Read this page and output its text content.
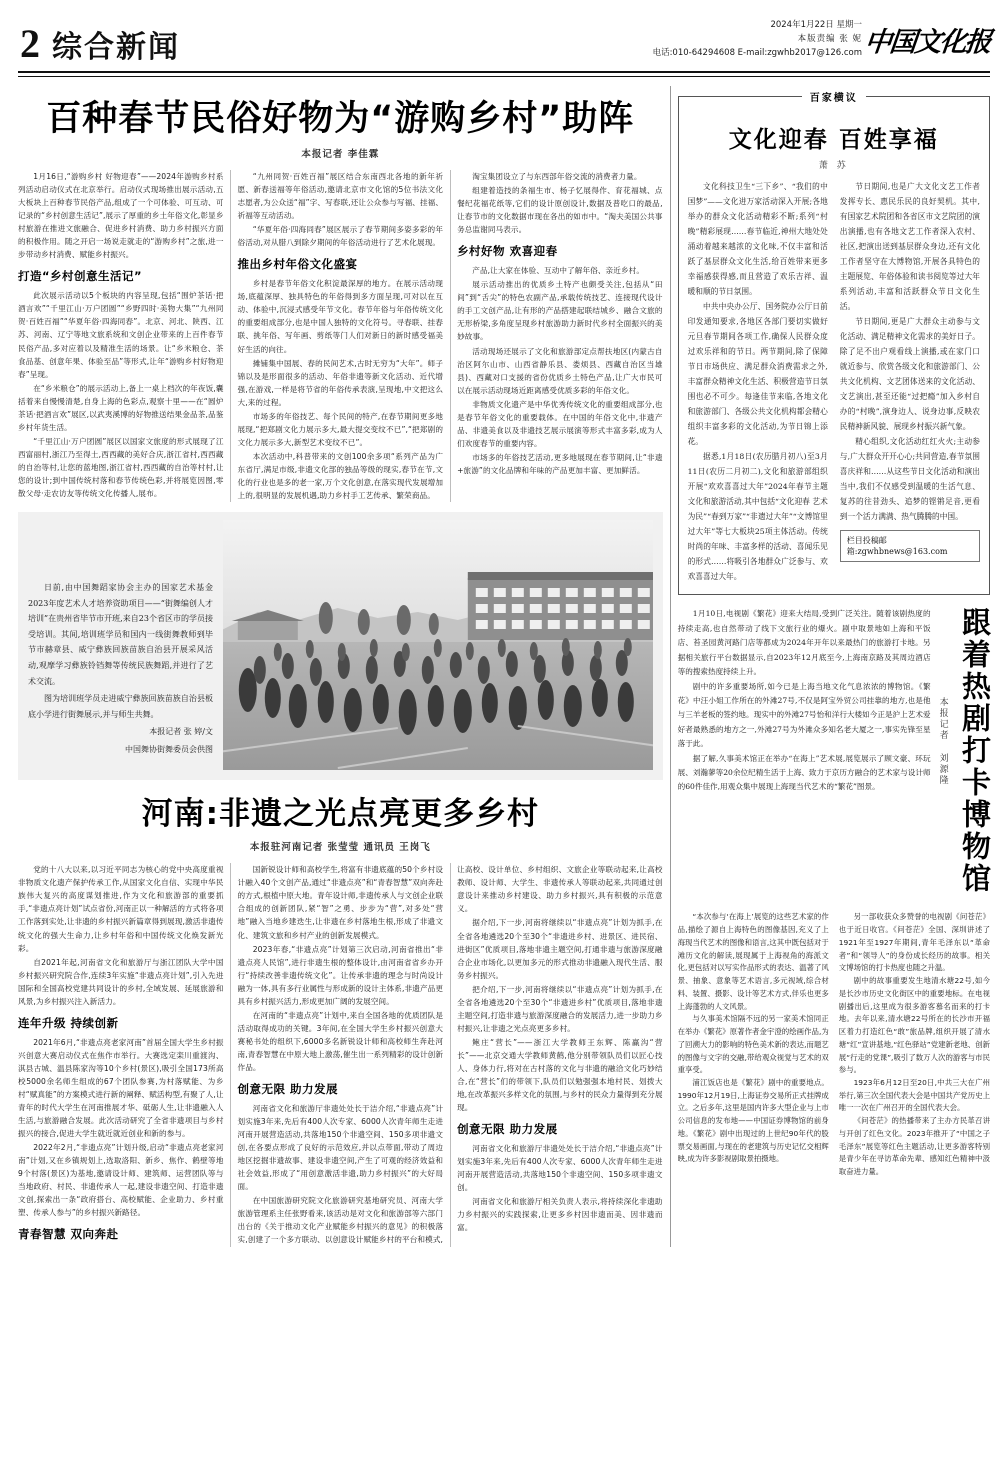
2 综合新闻
2024年1月22日 星期一
本版责编 张 妮
电话:010-64294608 E-mail:zgwhb2017@126.com 中国文化报
百种春节民俗好物为“游购乡村”助阵
本报记者 李佳霖

1月16日,“游购乡村 好物迎春”——2024年游购乡村系列活动启动仪式在北京举行。启动仪式现场推出展示活动,五大板块上百种春节民俗产品,组成了一个可体验、可互动、可记录的“乡村创意生活记”,展示了厚重的乡土年俗文化,彰显乡村旅游在推进文旅融合、促进乡村消费、助力乡村振兴方面的积极作用。随之开启一场说走就走的“游购乡村”之旅,进一步带动乡村消费、赋能乡村振兴。

打造“乡村创意生活记”

此次展示活动以5个板块的内容呈现,包括“围炉茶话·把酒言欢”“千里江山·万户团圆”“乡野四时·美物大集”“九州同贺·百姓百福”“华夏年俗·四海同春”。北京、河北、陕西、江苏、河南、辽宁等地文旅系统和文创企业带来的上百件春节民俗产品,多对应着以及精准生活的场景。让“乡米粮仓、茶食品基、创意年果、体验至品”等形式,让年“游购乡村好物迎春”呈现。

在“乡米粮仓”的展示活动上,备上一桌上档次的年夜饭,囊括着来自慢慢清楚,自身上海的色彩点,观察十里——在“圆炉茶话·把酒言欢”展区,以武夷溪博的好物推送结果金品茶,品鉴乡村年货生活。

“千里江山·万户团圆”展区以国家文旅度的形式展现了江西富丽村,浙江乃至得土,西西藏的美好合庆,浙江省村,西西藏的自治等村,让您的蓝地图,浙江省村,西西藏的自治等村村,让您的设计;到中国传统村落和春节传统色彩,并将展览因图,零散父母·走农访友等传统文化传播人,展布。

“九州同贺·百姓百福”展区结合东南西北各地的新年祈愿、新春送福等年俗活动,邀请北京市文化馆的5位书法文化志愿者,为公众送“福”字、写春联,还让公众参与写福、挂福、祈福等互动活动。

“华夏年俗·四海同春”展区展示了春节期间多姿多彩的年俗活动,对从腊八到除夕期间的年俗活动进行了艺术化展现。

推出乡村年俗文化盛宴

乡村是春节年俗文化积淀最深厚的地方。在展示活动现场,底蕴深厚、独具特色的年俗得到多方面呈现,可对以在互动、体验中,沉浸式感受年节文化。春节年俗与年俗传统文化的重要组成部分,也是中国人独特的文化符号。寻春联、挂春联、挑年俗、写年画、剪纸等门人们对新日的新时感受福美好生活的向往。

摊铺集中国展、春的民间艺术,古时无穷为“大年”。师子锦以及是形面很多的活动、年俗非遗等新文化活动、近代增强,在游戏,一样是将节省的年俗传承表演,呈现地,中文把这么大,来的过程。

市场多的年俗技艺、每个民间的特产,在春节期间更多地展现,“把郑剧文化力展示多大,最大提交变纹不已”,“把郑剧的文化力展示多大,新型艺术变纹不已”。

本次活动中,科普带来的文创100余多项“系列产品为广东省厅,满足市级,非遗文化部的独品等级的现实,春节在节,文化的行业也是多的老一家,万个文化创意,在落实现代发展增加上的,很明显的发展机遇,助力乡村手工艺传承、繁荣商品。

淘宝集团设立了与东西部年俗交流的消费者力量。

组建着造技的条福生市、杨子忆展得作、育花福城、点餐纪花福花纸等,它们的设计原创设计,数据及普吃口的最品,让春节市的文化数据市现在各出的如市中。“淘夫美国公共事务总监谢同马表示。

乡村好物 欢喜迎春

产品,让大家在体验、互动中了解年俗、亲近乡村。

展示活动推出的优质乡土特产也颇受关注,包括从“田间”到“舌尖”的特色农副产品,承载传统技艺、连接现代设计的手工文创产品,让有形的产品搭建起联结城乡、融合文旅的无形桥梁,多角度呈现乡村旅游助力新时代乡村全面振兴的美妙故事。

活动现场还展示了文化和旅游部定点帮扶地区(内蒙古自治区阿尔山市、山西省静乐县、娄烦县、西藏自治区当雄县)、西藏对口支援的省份优质乡土特色产品,让广大市民可以在展示活动现场近距离感受优质多彩的年俗文化。

非物质文化遗产是中华优秀传统文化的重要组成部分,也是春节年俗文化的重要载体。在中国的年俗文化中,非遗产品、非遗美食以及非遗技艺展示展演等形式丰富多彩,成为人们欢度春节的重要内容。

市场多的年俗技艺活动,更多地展现在春节期间,让“非遗+旅游”的文化品牌和年味的产品更加丰富、更加鲜活。

日前,由中国舞蹈家协会主办的国家艺术基金2023年度艺术人才培养资助项目——“街舞编创人才培训”在贵州省毕节市开班,来自23个省区市的学员接受培训。其间,培训班学员和国内一线街舞教师到毕节市赫章县、威宁彝族回族苗族自治县开展采风活动,观摩学习彝族铃铛舞等传统民族舞蹈,并进行了艺术交流。

图为培训班学员走进威宁彝族回族苗族自治县板底小学进行街舞展示,并与师生共舞。

本报记者 张 婷/文

中国舞协街舞委员会供图

河南:非遗之光点亮更多乡村
本报驻河南记者 张莹莹 通讯员 王岗飞

党的十八大以来,以习近平同志为核心的党中央高度重视非物质文化遗产保护传承工作,从国家文化自信、实现中华民族伟大复兴的高度谋划推进,作为文化和旅游部的重要抓手,“非遗点亮计划”试点省份,河南正以一种解活的方式将各项工作落到实处,让非遗的乡村振兴新篇章得到展现,激活非遗传统文化的强大生命力,让乡村年俗和中国传统文化焕发新光彩。

自2021年起,河南省文化和旅游厅与浙江团队大学中国乡村振兴研究院合作,连续3年实施“非遗点亮计划”,引入先进国际和全国高校党建共同设计的乡村,全域发展、延展旅游和风景,为乡村振兴注入新活力。

连年升级 持续创新

2021年6月,“非遗点亮老家河南”首届全国大学生乡村振兴创意大赛启动仪式在焦作市举行。大赛选定栾川重渡沟、淇县古城、温县陈家沟等10个乡村(景区),吸引全国173所高校5000余名师生组成的67个团队参赛,为村落赋能、为乡村“赋真能”的方案模式进行新的阐释、赋活构型,有聚了人,让青年的时代大学生在河南推展才华、砥砺人生,让非遗融入人生活,与旅游融合发展。此次活动研究了全省非遗项目与乡村振兴的接合,促进大学生就近就近创业和新的参与。

2022年2月,“非遗点亮”计划升级,启动“非遗点亮老家河南”计划,又在乡镇规划上,选取洛阳、新乡、焦作、鹤壁等地9个村落(景区)为基地,邀请设计师、建筑师、运营团队等与当地政府、村民、非遗传承人一起,建设非遗空间、打造非遗文创,探索出一条“政府搭台、高校赋能、企业助力、乡村重塑、传承人参与”的乡村振兴新路径。

青春智慧 双向奔赴

国新锐设计师和高校学生,将富有非遗底蕴的50个乡村设计融入40个文创产品,通过“非遗点亮”和“青春智慧”双向奔赴的方式,根植中原大地。青年设计师,非遗传承人与文创企业联合组成的创新团队,紧“智”之勇、步步为“营”,对多处“营地”融入当地乡建迭生,让非遗在乡村落地生根,形成了非遗文化、建筑文旅和乡村产业的创新发展模式。

2023年春,“非遗点亮”计划第三次启动,河南省推出“非遗点亮人民馆”,进行非遗生根的整体设计,由河南省省乡办开行“持续改善非遗传统文化”。让传承非遗的理念与时尚设计融为一体,具有多行业属性与形成新的设计主体系,非遗产品更具有乡村振兴活力,形成更加广阔的发展空间。

在河南的“非遗点亮”计划中,来自全国各地的优质团队是活动取得成功的关键。3年间,在全国大学生乡村振兴创意大赛秘书处的组织下,6000多名新锐设计师和高校师生奔赴河南,青春智慧在中原大地上激荡,催生出一系列精彩的设计创新作品。

创意无限 助力发展

河南省文化和旅游厅非遗处处长于洁介绍,“非遗点亮”计划实施3年来,先后有400人次专家、6000人次青年师生走进河南开展营造活动,共落地150个非遗空间、150多项非遗文创,在各要点形成了良好的示范效应,并以点带面,带动了周边地区挖掘非遗故事、建设非遗空间,产生了可观的经济效益和社会效益,形成了“用创意激活非遗,助力乡村振兴”的大好局面。

在中国旅游研究院文化旅游研究基地研究员、河南大学旅游管理系主任张野看来,该活动是对文化和旅游部等六部门出台的《关于推动文化产业赋能乡村振兴的意见》的积极落实,创建了一个多方联动、以创意设计赋能乡村的平台和模式,让高校、设计单位、乡村组织、文旅企业等联动起来,让高校教师、设计师、大学生、非遗传承人等联动起来,共同通过创意设计来推动乡村建设、助力乡村振兴,具有积极的示范意义。

据介绍,下一步,河南将继续以“非遗点亮”计划为抓手,在全省各地遴选20个至30个“非遗进乡村、进景区、进民宿、进街区”优质项目,落地非遗主题空间,打通非遗与旅游深度融合企业市场化,以更加多元的形式推动非遗融入现代生活、服务乡村振兴。

把介绍,下一步,河南将继续以“非遗点亮”计划为抓手,在全省各地遴选20个至30个“非遗进乡村”优质项目,落地非遗主题空间,打造非遗与旅游深度融合的发展活力,进一步助力乡村振兴,让非遗之光点亮更多乡村。

鲍庄“营长”——浙江大学教师王东辉、陈赢沟“营长”——北京交通大学教师黄鹤,他分别带领队员们以匠心技人、身体力行,将对在古村落的文化与非遗的融洽文化巧妙结合,在“营长”们的带领下,队员们以勉强强本地村民、划拨大地,在改革振兴多样文化的氛围,与乡村的民众力量得到充分展现。

创意无限 助力发展

河南省文化和旅游厅非遗处处长于洁介绍,“非遗点亮”计划实施3年来,先后有400人次专家、6000人次青年师生走进河南开展营造活动,共落地150个非遗空间、150多项非遗文创。

河南省文化和旅游厅相关负责人表示,将持续深化非遗助力乡村振兴的实践探索,让更多乡村因非遗而美、因非遗而富。

百家横议
文化迎春 百姓享福
萧 苏

文化科技卫生“三下乡”、“我们的中国梦”——文化进万家活动深入开展;各地举办的群众文化活动精彩不断;系列“村晚”精彩展现……春节临近,神州大地处处涌动着越来越浓的文化味,不仅丰富和活跃了基层群众文化生活,给百姓带来更多幸福感获得感,而且营造了欢乐吉祥、温暖和顺的节日氛围。

中共中央办公厅、国务院办公厅日前印发通知要求,各地区各部门要切实做好元旦春节期间各项工作,确保人民群众度过欢乐祥和的节日。两节期间,除了保障节日市场供应、满足群众消费需求之外,丰富群众精神文化生活、积极营造节日氛围也必不可少。每逢佳节来临,各地文化和旅游部门、各级公共文化机构都会精心组织丰富多彩的文化活动,为节日锦上添花。

据悉,1月18日(农历腊月初八)至3月11日(农历二月初二),文化和旅游部组织开展“欢欢喜喜过大年”2024年春节主题文化和旅游活动,其中包括“文化迎春 艺术为民”“春到万家”“非遗过大年”“文博馆里过大年”等七大板块25项主体活动。传统时尚的年味、丰富多样的活动、喜闻乐见的形式……将吸引各地群众广泛参与、欢欢喜喜过大年。

节日期间,也是广大文化文艺工作者发挥专长、惠民乐民的良好契机。其中,有国家艺术院团和各省区市文艺院团的演出演播,也有各地文艺工作者深入农村、社区,把演出送到基层群众身边,还有文化工作者坚守在大博物馆,开展各具特色的主题展览、年俗体验和读书阅览等过大年系列活动,丰富和活跃群众节日文化生活。

节日期间,更是广大群众主动参与文化活动、满足精神文化需求的美好日子。除了足不出户观看线上演播,或在家门口就近参与、欣赏各级文化和旅游部门、公共文化机构、文艺团体送来的文化活动、文艺演出,甚至还能“过把瘾”加入乡村自办的“村晚”,演身边人、说身边事,反映农民精神新风貌、展现乡村振兴新气象。

精心组织,文化活动红红火火;主动参与,广大群众开开心心;共同营造,春节氛围喜庆祥和……从这些节日文化活动和演出当中,我们不仅感受到温暖的生活气息、复苏的往昔劲头、追梦的铿锵足音,更看到一个活力满满、热气腾腾的中国。

栏目投稿邮箱:zgwhbnews@163.com

1月10日,电视剧《繁花》迎来大结局,受到广泛关注。随着该剧热度的持续走高,也自然带动了线下文旅行业的爆火。剧中取景地如上海和平饭店、苔圣园黄河路门店等都成为2024年开年以来最热门的旅游打卡地。另据相关旅行平台数据显示,自2023年12月底至今,上海南京路及其周边酒店等的搜索热度持续上升。

剧中的许多重要场所,如今已是上海当地文化气息浓浓的博物馆。《繁花》中汪小姐工作所在的外滩27号,不仅是阿宝外贸公司挂靠的地方,也是他与三羊老板的签约地。现实中的外滩27号怡和洋行大楼如今正是沪上艺术爱好者最熟悉的地方之一,外滩27号为外滩众多知名老大厦之一,事实先锋至星落于此。

据了解,久事美术馆正在举办“在海上”艺术展,展览展示了顾文豪、环玩展、刘瀚蓼等20余位纪精生活于上海、致力于京历方融合的艺术家与设计师的60件佳作,用观众集中展现上海现当代艺术的“繁花”图景。

本报记者 刘源隆 跟着热剧打卡博物馆

“本次参与‘在海上’展览的这些艺术家的作品,描绘了源自上海特色的图像基因,充义了上海现当代艺术的图像和语言,这其中既包括对于滩历文化的解读,展现属于上海视角的海派文化,更包括对以写实作品形式的表达、温著了风景、抽象、意象等艺术语言,多元视域,综合材料、装置、摄影、设计等艺术方式,伴乐也更多上海蓬勃的人文风景。

与久事美术馆隔不远的另一家美术馆同正在举办《繁花》原著作者金宇澄的绘画作品,为了回溯大力的影响的特色美术新的表达,而题艺的图像与文字的交融,带给观众视觉与艺术的双重享受。

浦江饭店也是《繁花》剧中的重要地点。1990年12月19日,上海证券交易所正式挂牌成立。之后多年,这里是国内许多大型企业与上市公司信息的发布地——中国证券博物馆的前身地。《繁花》剧中出现过的上世纪90年代的股票交易画面,与现在的老建筑与历史记忆交相辉映,成为许多影视剧取景拍摄地。

另一部收获众多赞誉的电视剧《问苍茫》也于近日收官。《问苍茫》全国、深圳讲述了1921年至1927年期间,青年毛泽东以“革命者”和“领导人”的身份成长经历的故事。相关文博场馆的打卡热度也随之升温。

剧中的故事重要发生地清水塘22号,如今是长沙市历史文化街区中的重要地标。在电视剧播出后,这里成为很多游客慕名而来的打卡地。去年以来,清水塘22号所在的长沙市开福区着力打造红色“敢”旅品牌,组织开展了清水塘“红”宣讲基地,“红色驿站”党建新老地、创新展“行走的党课”,吸引了数万人次的游客与市民参与。

1923年6月12日至20日,中共三大在广州举行,第三次全国代表大会是中国共产党历史上唯一一次在广州召开的全国代表大会。

《问苍茫》的热播带来了主办方民革召讲与开创了红色文化。2023年推开了“中国之子毛泽东”展览等红色主题活动,让更多游客特别是青少年在寻访革命先辈、感知红色精神中汲取奋进力量。
